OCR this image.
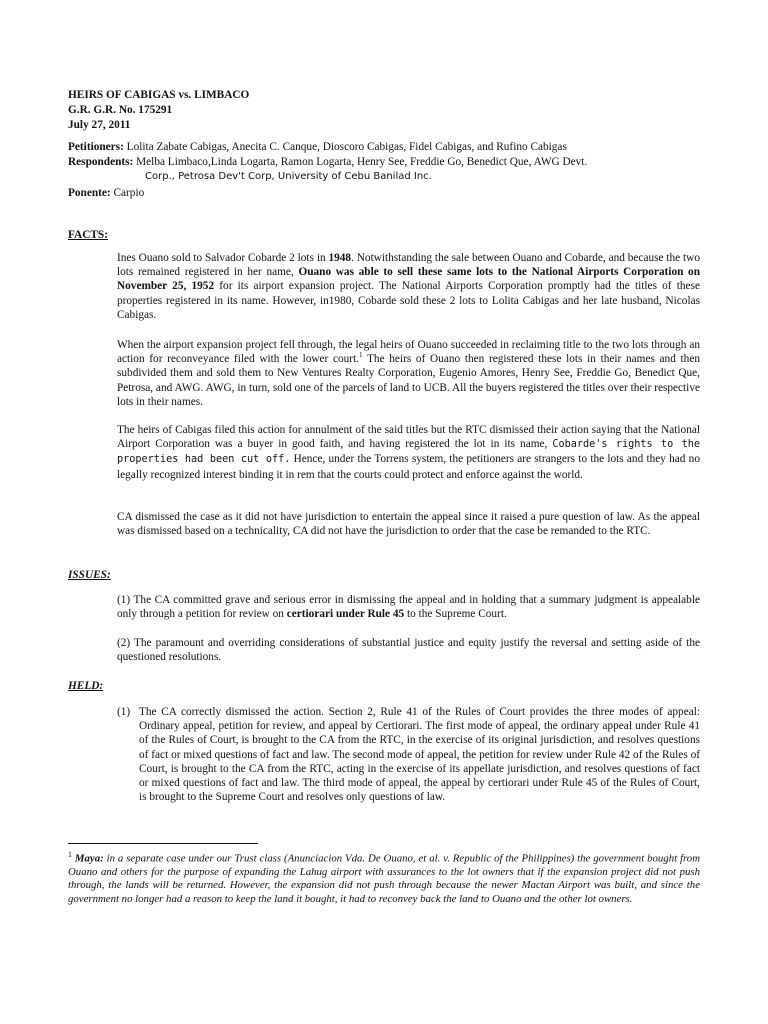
HEIRS OF CABIGAS vs. LIMBACO
G.R. G.R. No. 175291
July 27, 2011
Petitioners: Lolita Zabate Cabigas, Anecita C. Canque, Dioscoro Cabigas, Fidel Cabigas, and Rufino Cabigas
Respondents: Melba Limbaco,Linda Logarta, Ramon Logarta, Henry See, Freddie Go, Benedict Que, AWG Devt.
Corp., Petrosa Dev't Corp, University of Cebu Banilad Inc.
Ponente: Carpio
FACTS:
Ines Ouano sold to Salvador Cobarde 2 lots in 1948. Notwithstanding the sale between Ouano and Cobarde, and because the two lots remained registered in her name, Ouano was able to sell these same lots to the National Airports Corporation on November 25, 1952 for its airport expansion project. The National Airports Corporation promptly had the titles of these properties registered in its name. However, in1980, Cobarde sold these 2 lots to Lolita Cabigas and her late husband, Nicolas Cabigas.
When the airport expansion project fell through, the legal heirs of Ouano succeeded in reclaiming title to the two lots through an action for reconveyance filed with the lower court.$^1$ The heirs of Ouano then registered these lots in their names and then subdivided them and sold them to New Ventures Realty Corporation, Eugenio Amores, Henry See, Freddie Go, Benedict Que, Petrosa, and AWG. AWG, in turn, sold one of the parcels of land to UCB. All the buyers registered the titles over their respective lots in their names.
The heirs of Cabigas filed this action for annulment of the said titles but the RTC dismissed their action saying that the National Airport Corporation was a buyer in good faith, and having registered the lot in its name, Cobarde's rights to the properties had been cut off. Hence, under the Torrens system, the petitioners are strangers to the lots and they had no legally recognized interest binding it in rem that the courts could protect and enforce against the world.
CA dismissed the case as it did not have jurisdiction to entertain the appeal since it raised a pure question of law. As the appeal was dismissed based on a technicality, CA did not have the jurisdiction to order that the case be remanded to the RTC.
ISSUES:
(1) The CA committed grave and serious error in dismissing the appeal and in holding that a summary judgment is appealable only through a petition for review on certiorari under Rule 45 to the Supreme Court.
(2) The paramount and overriding considerations of substantial justice and equity justify the reversal and setting aside of the questioned resolutions.
HELD:
(1) The CA correctly dismissed the action. Section 2, Rule 41 of the Rules of Court provides the three modes of appeal: Ordinary appeal, petition for review, and appeal by Certiorari. The first mode of appeal, the ordinary appeal under Rule 41 of the Rules of Court, is brought to the CA from the RTC, in the exercise of its original jurisdiction, and resolves questions of fact or mixed questions of fact and law. The second mode of appeal, the petition for review under Rule 42 of the Rules of Court, is brought to the CA from the RTC, acting in the exercise of its appellate jurisdiction, and resolves questions of fact or mixed questions of fact and law. The third mode of appeal, the appeal by certiorari under Rule 45 of the Rules of Court, is brought to the Supreme Court and resolves only questions of law.
$^1$ Maya: in a separate case under our Trust class (Anunciacion Vda. De Ouano, et al. v. Republic of the Philippines) the government bought from Ouano and others for the purpose of expanding the Lahug airport with assurances to the lot owners that if the expansion project did not push through, the lands will be returned. However, the expansion did not push through because the newer Mactan Airport was built, and since the government no longer had a reason to keep the land it bought, it had to reconvey back the land to Ouano and the other lot owners.
